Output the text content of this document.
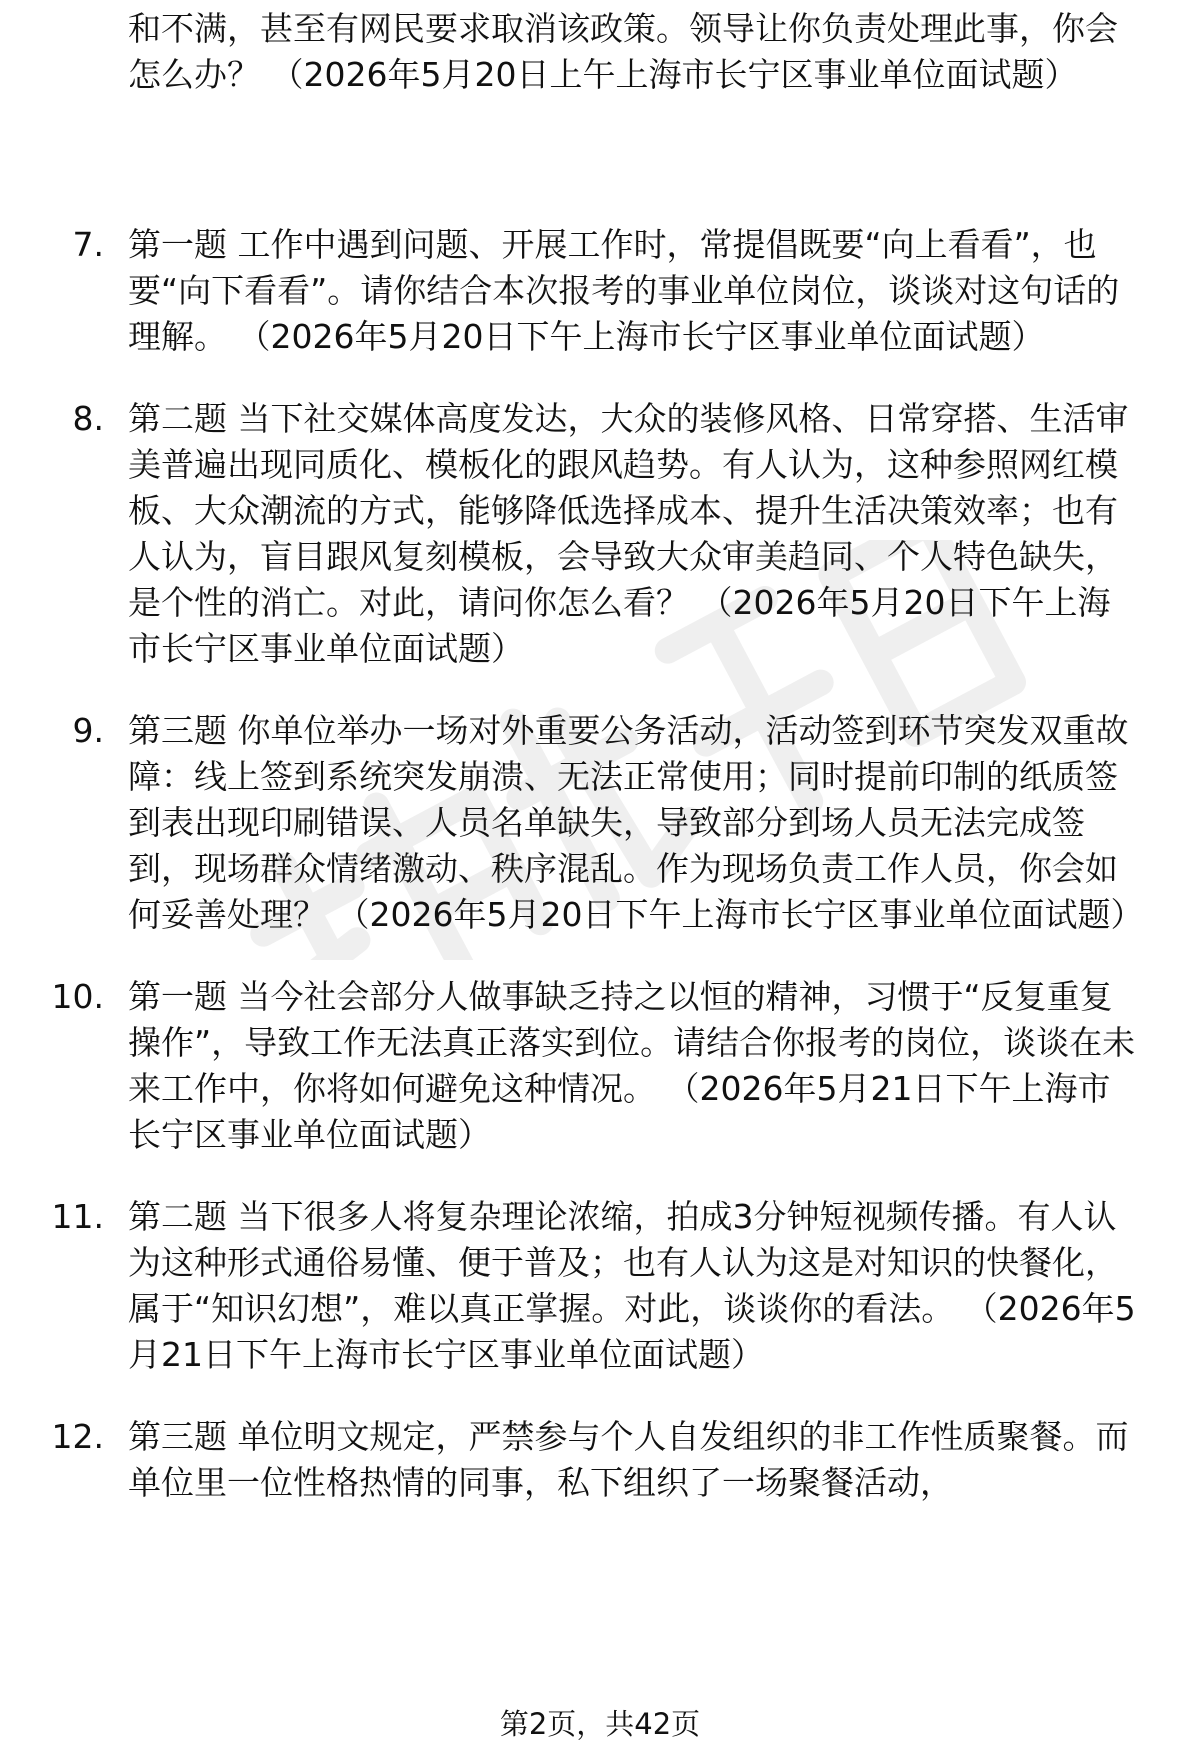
和不满，甚至有网民要求取消该政策。领导让你负责处理此事，你会怎么办？ （2026年5月20日上午上海市长宁区事业单位面试题）

7. 第一题 工作中遇到问题、开展工作时，常提倡既要“向上看看”，也要“向下看看”。请你结合本次报考的事业单位岗位，谈谈对这句话的理解。 （2026年5月20日下午上海市长宁区事业单位面试题）

8. 第二题 当下社交媒体高度发达，大众的装修风格、日常穿搭、生活审美普遍出现同质化、模板化的跟风趋势。有人认为，这种参照网红模板、大众潮流的方式，能够降低选择成本、提升生活决策效率；也有人认为，盲目跟风复刻模板，会导致大众审美趋同、个人特色缺失，是个性的消亡。对此，请问你怎么看？ （2026年5月20日下午上海市长宁区事业单位面试题）

9. 第三题 你单位举办一场对外重要公务活动，活动签到环节突发双重故障：线上签到系统突发崩溃、无法正常使用；同时提前印制的纸质签到表出现印刷错误、人员名单缺失，导致部分到场人员无法完成签到，现场群众情绪激动、秩序混乱。作为现场负责工作人员，你会如何妥善处理？ （2026年5月20日下午上海市长宁区事业单位面试题）

10. 第一题 当今社会部分人做事缺乏持之以恒的精神，习惯于“反复重复操作”，导致工作无法真正落实到位。请结合你报考的岗位，谈谈在未来工作中，你将如何避免这种情况。 （2026年5月21日下午上海市长宁区事业单位面试题）

11. 第二题 当下很多人将复杂理论浓缩，拍成3分钟短视频传播。有人认为这种形式通俗易懂、便于普及；也有人认为这是对知识的快餐化，属于“知识幻想”，难以真正掌握。对此，谈谈你的看法。 （2026年5月21日下午上海市长宁区事业单位面试题）

12. 第三题 单位明文规定，严禁参与个人自发组织的非工作性质聚餐。而单位里一位性格热情的同事，私下组织了一场聚餐活动，

第2页，共42页
